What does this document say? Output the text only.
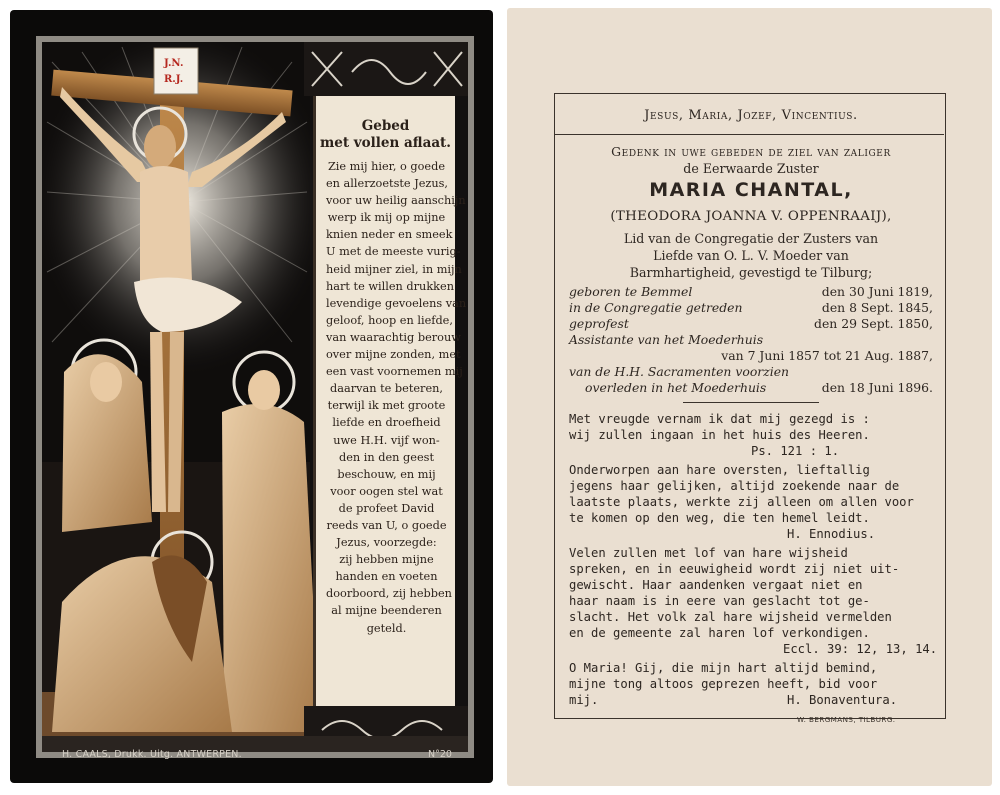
J.N.
R.J.
Gebed
met vollen aflaat.
Zie mij hier, o goede
en allerzoetste Jezus,
voor uw heilig aanschijn
werp ik mij op mijne
knien neder en smeek
U met de meeste vurig-
heid mijner ziel, in mijn
hart te willen drukken
levendige gevoelens van
geloof, hoop en liefde,
van waarachtig berouw
over mijne zonden, met
een vast voornemen mij
daarvan te beteren,
terwijl ik met groote
liefde en droefheid
uwe H.H. vijf won-
den in den geest
beschouw, en mij
voor oogen stel wat
de profeet David
reeds van U, o goede
Jezus, voorzegde:
zij hebben mijne
handen en voeten
doorboord, zij hebben
al mijne beenderen
geteld.
H. CAALS, Drukk. Uitg. ANTWERPEN.	N°20
Jesus, Maria, Jozef, Vincentius.
Gedenk in uwe gebeden de ziel van zaliger
de Eerwaarde Zuster
MARIA CHANTAL,
(THEODORA JOANNA V. OPPENRAAIJ),
Lid van de Congregatie der Zusters van
Liefde van O. L. V. Moeder van
Barmhartigheid, gevestigd te Tilburg;
geboren te Bemmel	den 30 Juni 1819,
in de Congregatie getreden	den 8 Sept. 1845,
geprofest	den 29 Sept. 1850,
Assistante van het Moederhuis
van 7 Juni 1857 tot 21 Aug. 1887,
van de H.H. Sacramenten voorzien
overleden in het Moederhuis	den 18 Juni 1896.
Met vreugde vernam ik dat mij gezegd is :
wij zullen ingaan in het huis des Heeren.
Ps. 121 : 1.
Onderworpen aan hare oversten, lieftallig
jegens haar gelijken, altijd zoekende naar de
laatste plaats, werkte zij alleen om allen voor
te komen op den weg, die ten hemel leidt.
H. Ennodius.
Velen zullen met lof van hare wijsheid
spreken, en in eeuwigheid wordt zij niet uit-
gewischt. Haar aandenken vergaat niet en
haar naam is in eere van geslacht tot ge-
slacht. Het volk zal hare wijsheid vermelden
en de gemeente zal haren lof verkondigen.
Eccl. 39: 12, 13, 14.
O Maria! Gij, die mijn hart altijd bemind,
mijne tong altoos geprezen heeft, bid voor
mij.	H. Bonaventura.
W. BERGMANS, TILBURG.
